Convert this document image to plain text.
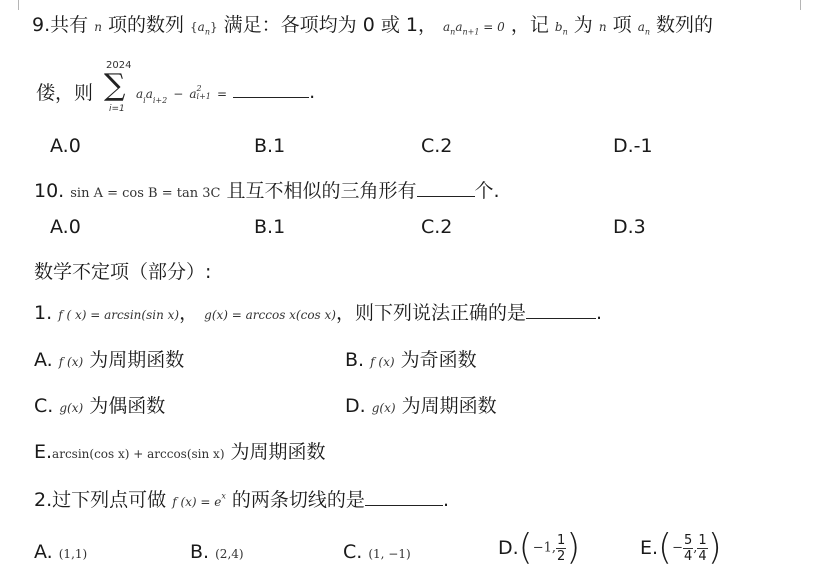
9.共有 n 项的数列 $\{a_n\}$ 满足：各项均为 0 或 1， $a_na_{n+1} = 0$ ，记 $b_n$ 为 n 项 $a_n$ 数列的
偻，则
2024
∑
i=1
$a_ia_{i+2} - a$ 2
i+1 =	.
A.0	B.1	C.2	D.-1
10. sin A = cos B = tan 3C 且互不相似的三角形有	个.
A.0	B.1	C.2	D.3
数学不定项（部分）:
1. f ( x) = arcsin(sin x)， g(x) = arccos x(cos x)，则下列说法正确的是	.
A. f (x) 为周期函数	B. f (x) 为奇函数
C. g(x) 为偶函数	D. g(x) 为周期函数
E.arcsin(cos x) + arccos(sin x) 为周期函数
2.过下列点可做 f $(x) = e^x$ 的两条切线的是	.
A. (1,1)	B. (2,4)	C. (1, −1)	D.(−1, $\frac{1}{2}$ )	$E.(- \frac{5}{4}$ , $\frac{1}{4}$ )
